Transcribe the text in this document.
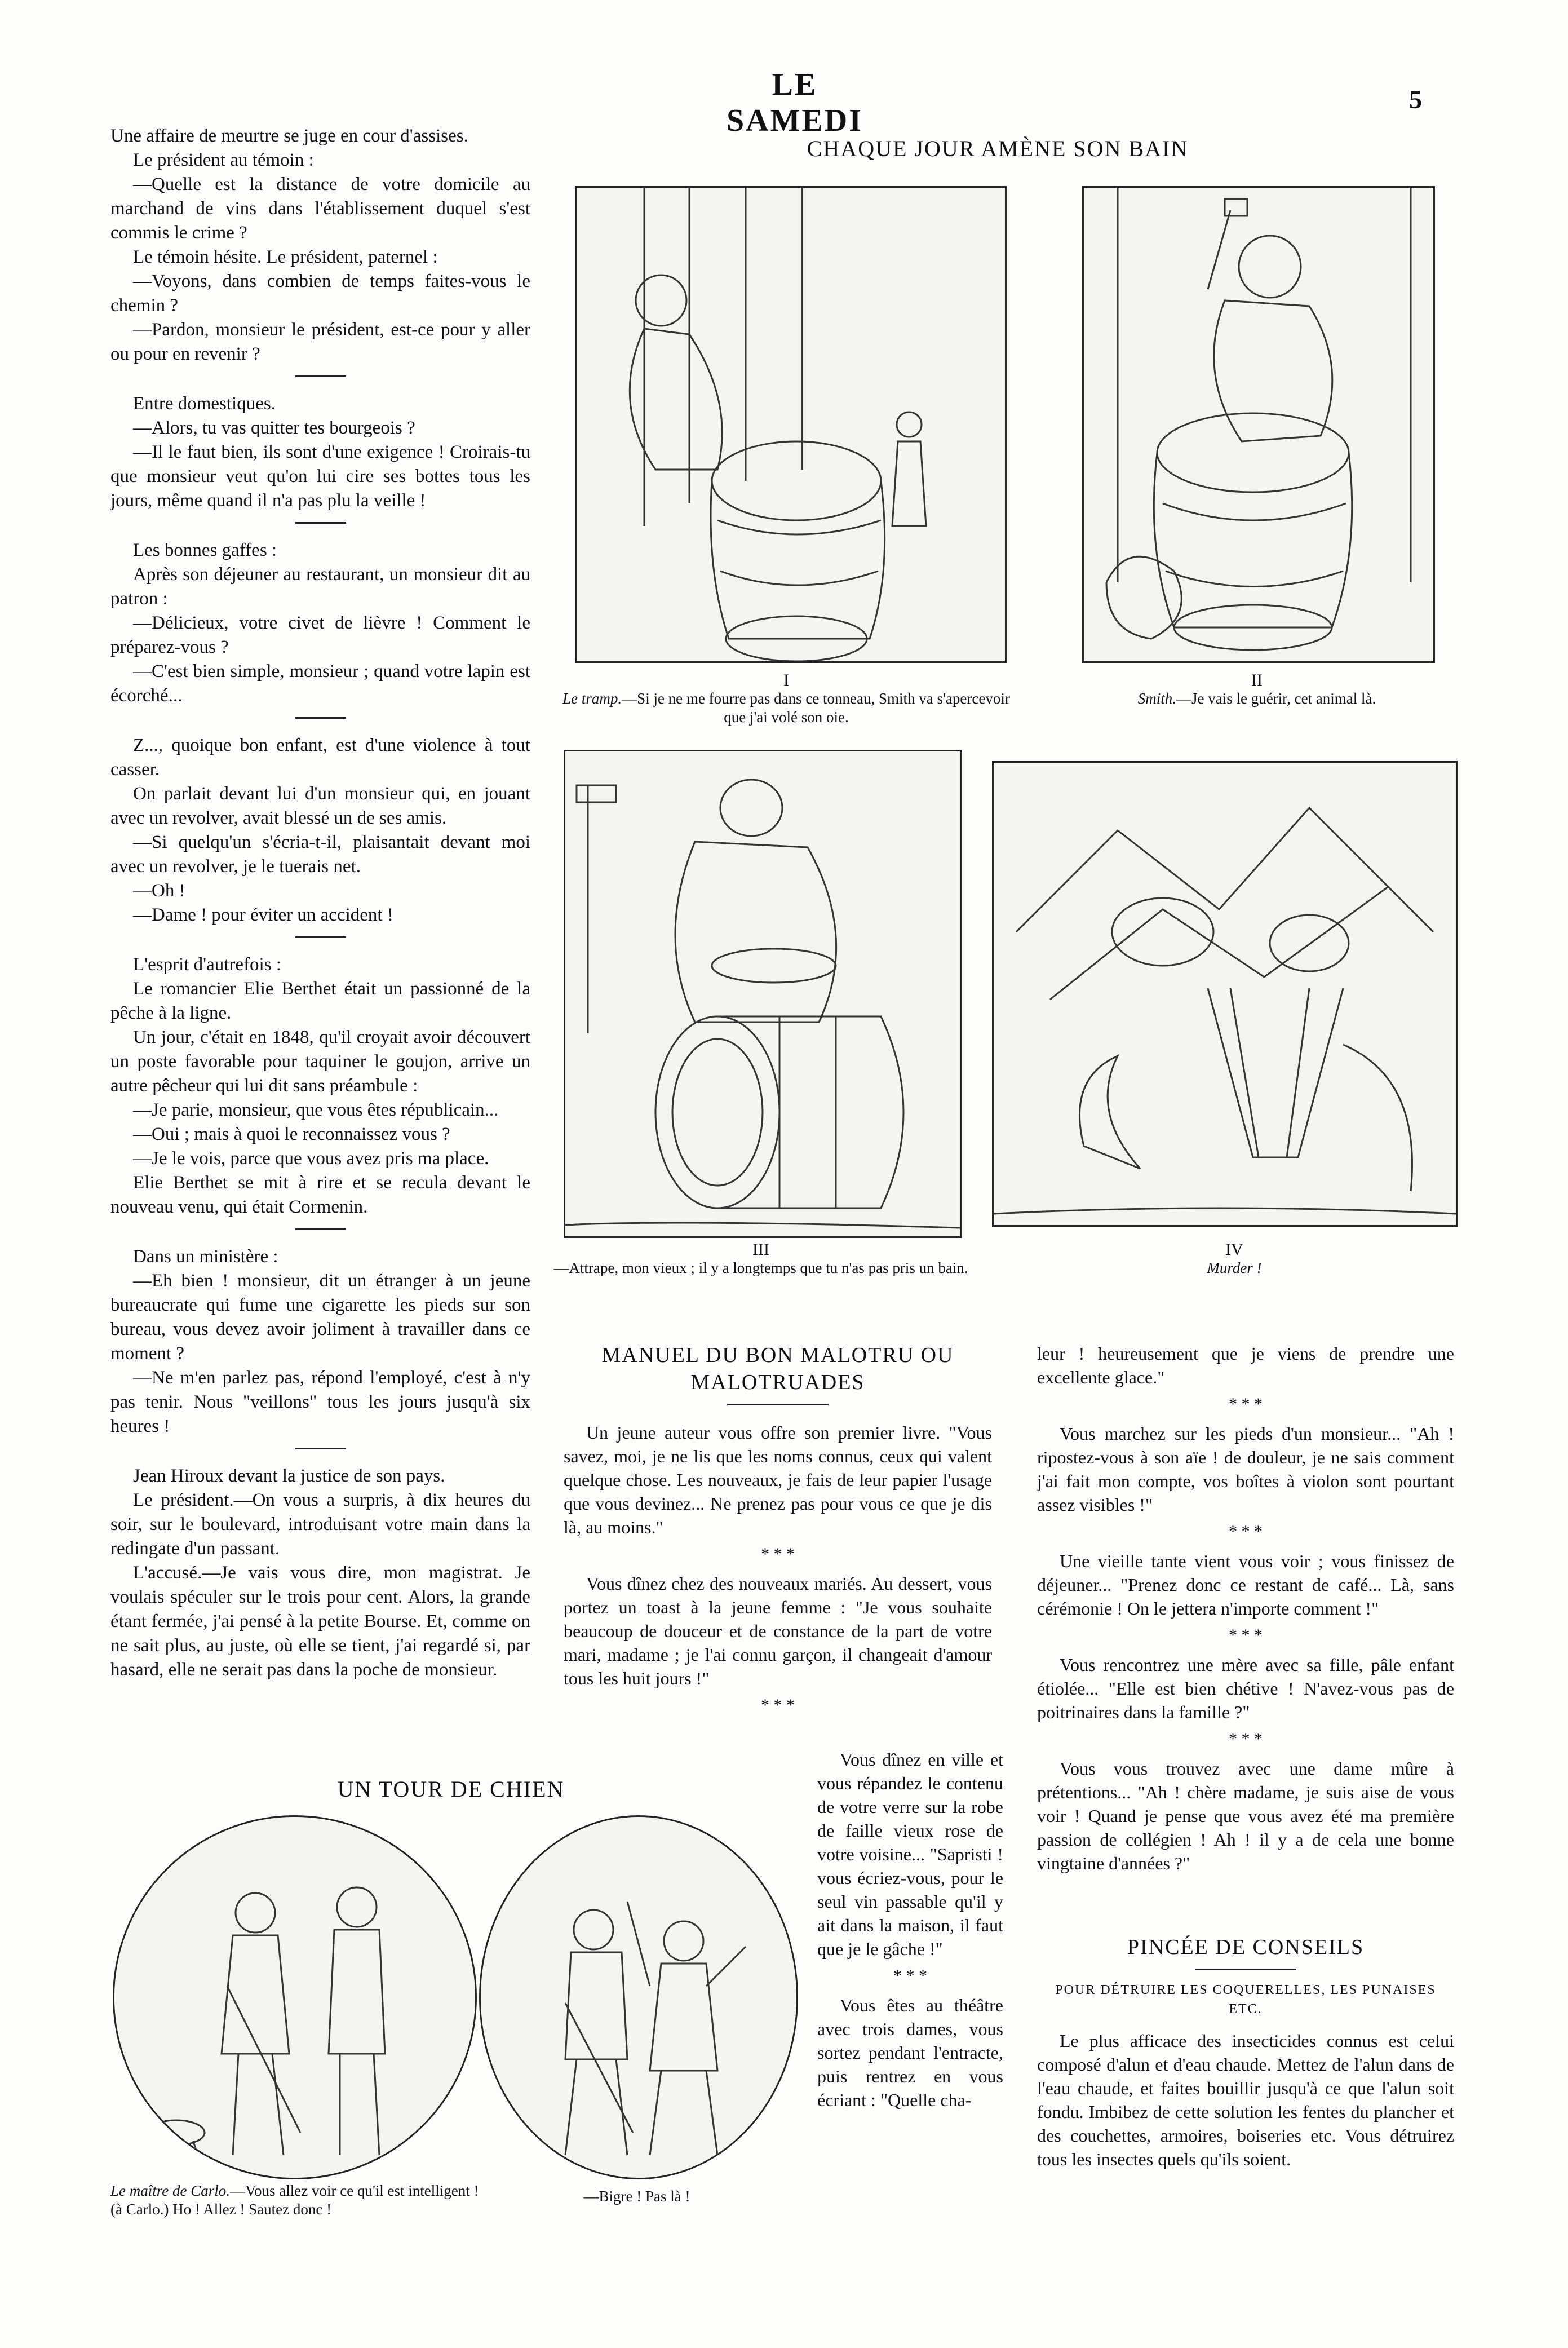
LE SAMEDI
5

Une affaire de meurtre se juge en cour d'assises.

Le président au témoin :

—Quelle est la distance de votre domicile au marchand de vins dans l'établissement duquel s'est commis le crime ?

Le témoin hésite. Le président, paternel :

—Voyons, dans combien de temps faites-vous le chemin ?

—Pardon, monsieur le président, est-ce pour y aller ou pour en revenir ?

Entre domestiques.

—Alors, tu vas quitter tes bourgeois ?

—Il le faut bien, ils sont d'une exigence ! Croirais-tu que monsieur veut qu'on lui cire ses bottes tous les jours, même quand il n'a pas plu la veille !

Les bonnes gaffes :

Après son déjeuner au restaurant, un monsieur dit au patron :

—Délicieux, votre civet de lièvre ! Comment le préparez-vous ?

—C'est bien simple, monsieur ; quand votre lapin est écorché...

Z..., quoique bon enfant, est d'une violence à tout casser.

On parlait devant lui d'un monsieur qui, en jouant avec un revolver, avait blessé un de ses amis.

—Si quelqu'un s'écria-t-il, plaisantait devant moi avec un revolver, je le tuerais net.

—Oh !

—Dame ! pour éviter un accident !

L'esprit d'autrefois :

Le romancier Elie Berthet était un passionné de la pêche à la ligne.

Un jour, c'était en 1848, qu'il croyait avoir découvert un poste favorable pour taquiner le goujon, arrive un autre pêcheur qui lui dit sans préambule :

—Je parie, monsieur, que vous êtes républicain...

—Oui ; mais à quoi le reconnaissez vous ?

—Je le vois, parce que vous avez pris ma place.

Elie Berthet se mit à rire et se recula devant le nouveau venu, qui était Cormenin.

Dans un ministère :

—Eh bien ! monsieur, dit un étranger à un jeune bureaucrate qui fume une cigarette les pieds sur son bureau, vous devez avoir joliment à travailler dans ce moment ?

—Ne m'en parlez pas, répond l'employé, c'est à n'y pas tenir. Nous "veillons" tous les jours jusqu'à six heures !

Jean Hiroux devant la justice de son pays.

Le président.—On vous a surpris, à dix heures du soir, sur le boulevard, introduisant votre main dans la redingate d'un passant.

L'accusé.—Je vais vous dire, mon magistrat. Je voulais spéculer sur le trois pour cent. Alors, la grande étant fermée, j'ai pensé à la petite Bourse. Et, comme on ne sait plus, au juste, où elle se tient, j'ai regardé si, par hasard, elle ne serait pas dans la poche de monsieur.

CHAQUE JOUR AMÈNE SON BAIN
I
Le tramp.—Si je ne me fourre pas dans ce tonneau, Smith va s'apercevoir que j'ai volé son oie.
II
Smith.—Je vais le guérir, cet animal là.
III
—Attrape, mon vieux ; il y a longtemps que tu n'as pas pris un bain.
IV
Murder !
MANUEL DU BON MALOTRU OU MALOTRUADES

Un jeune auteur vous offre son premier livre. "Vous savez, moi, je ne lis que les noms connus, ceux qui valent quelque chose. Les nouveaux, je fais de leur papier l'usage que vous devinez... Ne prenez pas pour vous ce que je dis là, au moins."

* * *

Vous dînez chez des nouveaux mariés. Au dessert, vous portez un toast à la jeune femme : "Je vous souhaite beaucoup de douceur et de constance de la part de votre mari, madame ; je l'ai connu garçon, il changeait d'amour tous les huit jours !"

* * *

Vous dînez en ville et vous répandez le contenu de votre verre sur la robe de faille vieux rose de votre voisine... "Sapristi ! vous écriez-vous, pour le seul vin passable qu'il y ait dans la maison, il faut que je le gâche !"

* * *

Vous êtes au théâtre avec trois dames, vous sortez pendant l'entracte, puis rentrez en vous écriant : "Quelle cha-

leur ! heureusement que je viens de prendre une excellente glace."

* * *

Vous marchez sur les pieds d'un monsieur... "Ah ! ripostez-vous à son aïe ! de douleur, je ne sais comment j'ai fait mon compte, vos boîtes à violon sont pourtant assez visibles !"

* * *

Une vieille tante vient vous voir ; vous finissez de déjeuner... "Prenez donc ce restant de café... Là, sans cérémonie ! On le jettera n'importe comment !"

* * *

Vous rencontrez une mère avec sa fille, pâle enfant étiolée... "Elle est bien chétive ! N'avez-vous pas de poitrinaires dans la famille ?"

* * *

Vous vous trouvez avec une dame mûre à prétentions... "Ah ! chère madame, je suis aise de vous voir ! Quand je pense que vous avez été ma première passion de collégien ! Ah ! il y a de cela une bonne vingtaine d'années ?"

PINCÉE DE CONSEILS
POUR DÉTRUIRE LES COQUERELLES, LES PUNAISES ETC.

Le plus afficace des insecticides connus est celui composé d'alun et d'eau chaude. Mettez de l'alun dans de l'eau chaude, et faites bouillir jusqu'à ce que l'alun soit fondu. Imbibez de cette solution les fentes du plancher et des couchettes, armoires, boiseries etc. Vous détruirez tous les insectes quels qu'ils soient.

UN TOUR DE CHIEN
Le maître de Carlo.—Vous allez voir ce qu'il est intelligent ! (à Carlo.) Ho ! Allez ! Sautez donc !
—Bigre ! Pas là !
